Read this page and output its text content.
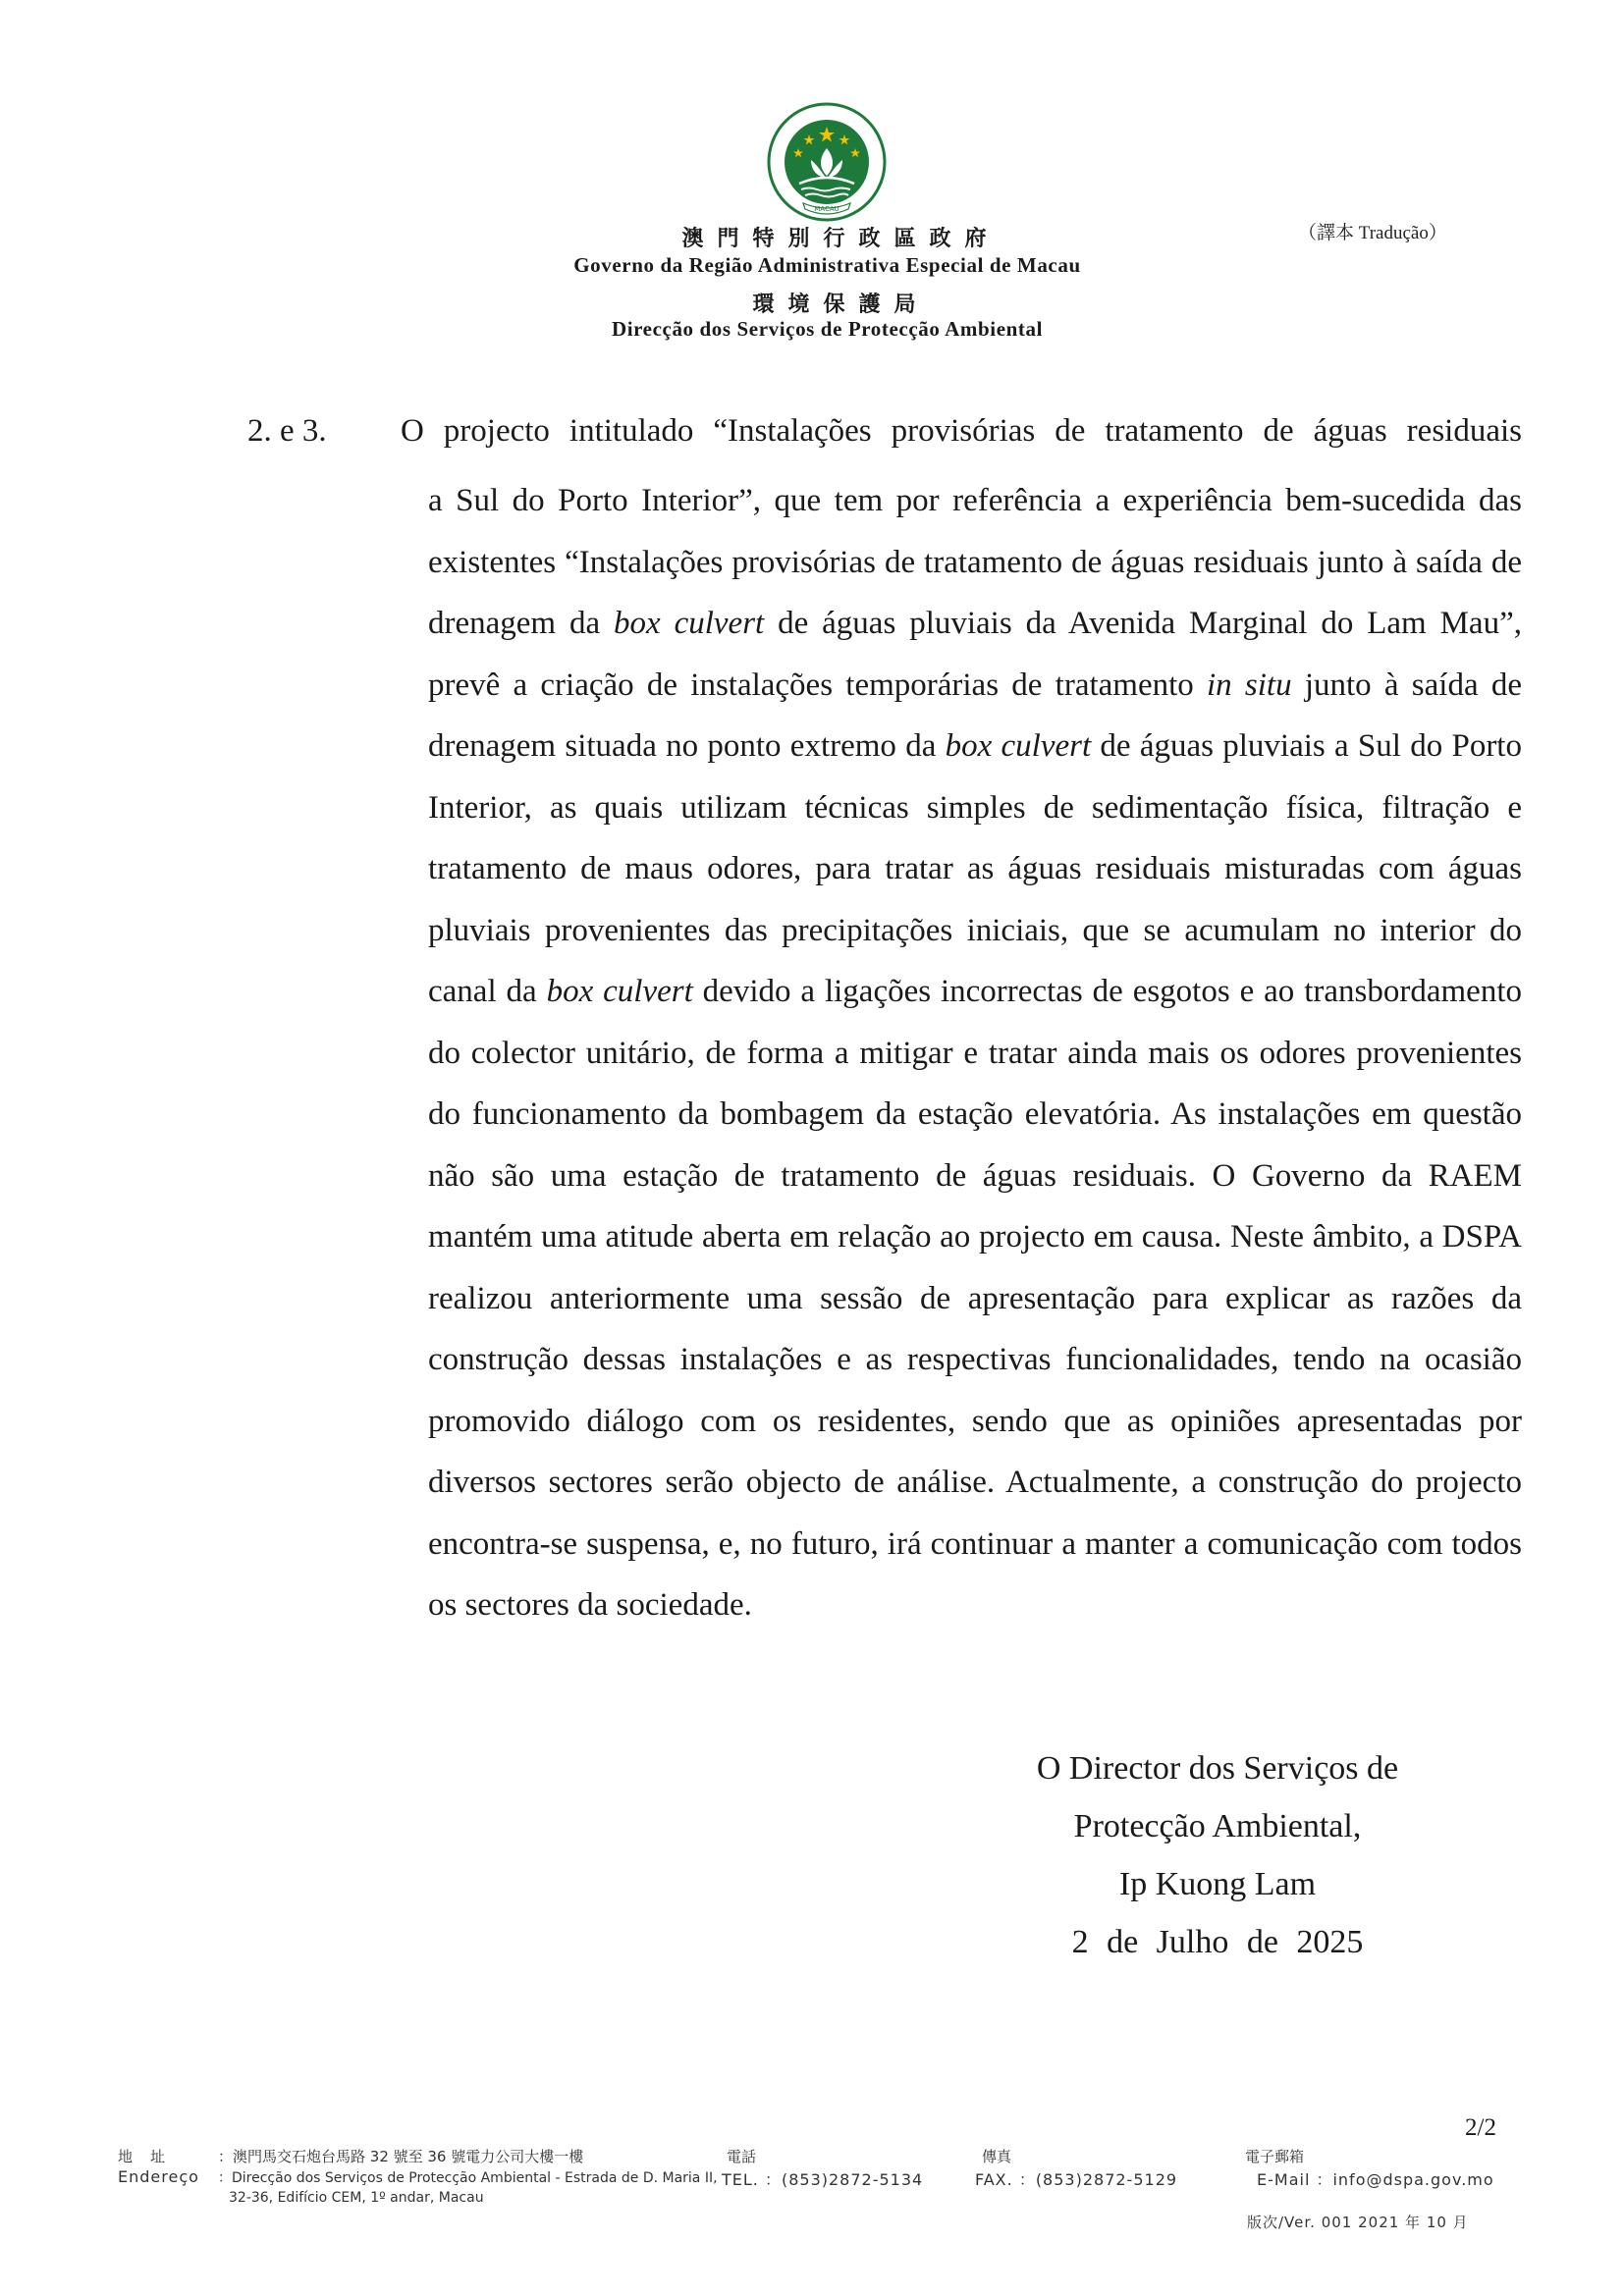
MACAU
澳門特別行政區政府
Governo da Região Administrativa Especial de Macau
環境保護局
Direcção dos Serviços de Protecção Ambiental
（譯本 Tradução）
2. e 3. O projecto intitulado “Instalações provisórias de tratamento de águas residuais

a Sul do Porto Interior”, que tem por referência a experiência bem-sucedida das existentes “Instalações provisórias de tratamento de águas residuais junto à saída de drenagem da box culvert de águas pluviais da Avenida Marginal do Lam Mau”, prevê a criação de instalações temporárias de tratamento in situ junto à saída de drenagem situada no ponto extremo da box culvert de águas pluviais a Sul do Porto Interior, as quais utilizam técnicas simples de sedimentação física, filtração e tratamento de maus odores, para tratar as águas residuais misturadas com águas pluviais provenientes das precipitações iniciais, que se acumulam no interior do canal da box culvert devido a ligações incorrectas de esgotos e ao transbordamento do colector unitário, de forma a mitigar e tratar ainda mais os odores provenientes do funcionamento da bombagem da estação elevatória. As instalações em questão não são uma estação de tratamento de águas residuais. O Governo da RAEM mantém uma atitude aberta em relação ao projecto em causa. Neste âmbito, a DSPA realizou anteriormente uma sessão de apresentação para explicar as razões da construção dessas instalações e as respectivas funcionalidades, tendo na ocasião promovido diálogo com os residentes, sendo que as opiniões apresentadas por diversos sectores serão objecto de análise. Actualmente, a construção do projecto encontra-se suspensa, e, no futuro, irá continuar a manter a comunicação com todos os sectores da sociedade.

O Director dos Serviços de
Protecção Ambiental,
Ip Kuong Lam
2 de Julho de 2025
2/2
地址
Endereço
：澳門馬交石炮台馬路 32 號至 36 號電力公司大樓一樓
：Direcção dos Serviços de Protecção Ambiental - Estrada de D. Maria II,
32-36, Edifício CEM, 1º andar, Macau
電話
TEL. ：(853)2872-5134
傳真
FAX. ：(853)2872-5129
電子郵箱
E-Mail ：info@dspa.gov.mo
版次/Ver. 001 2021 年 10 月
